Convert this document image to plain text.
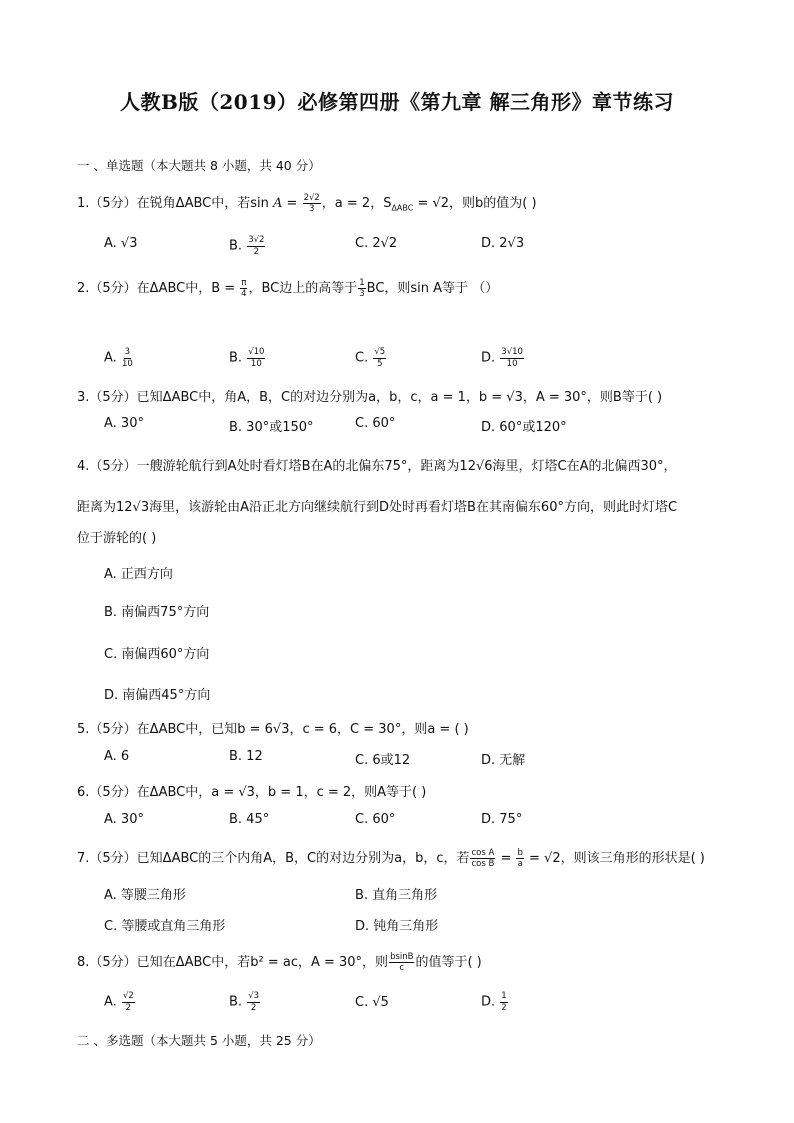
人教B版（2019）必修第四册《第九章 解三角形》章节练习
一 、单选题（本大题共 8 小题，共 40 分）
1.（5分）在锐角ΔABC中，若$\sin A = \frac{2√2}{3}$ ，a = 2，$S_{\Delta ABC} = √2$，则b的值为( )
A. √3	B. $\frac{3√2}{2}$	C. 2√2	D. 2√3
2.（5分）在ΔABC中，$B = \frac{\pi}{4}$ ，BC边上的高等于 $\frac{1}{3}$ BC，则sin A等于 （）
A. $\frac{3}{10}$	B. $\frac{√10}{10}$	C. $\frac{√5}{5}$	D. $\frac{3√10}{10}$
3.（5分）已知ΔABC中，角A，B，C的对边分别为a，b，c，a = 1，b = √3，A = 30°，则B等于( )
A. 30°	B. 30°或150°	C. 60°	D. 60°或120°
4.（5分）一艘游轮航行到A处时看灯塔B在A的北偏东75°，距离为12√6海里，灯塔C在A的北偏西30°，
距离为12√3海里，该游轮由A沿正北方向继续航行到D处时再看灯塔B在其南偏东60°方向，则此时灯塔C
位于游轮的( )
A. 正西方向
B. 南偏西75°方向
C. 南偏西60°方向
D. 南偏西45°方向
5.（5分）在ΔABC中，已知b = 6√3，c = 6，C = 30°，则a = ( )
A. 6	B. 12	C. 6或12	D. 无解
6.（5分）在ΔABC中，a = √3，b = 1，c = 2，则A等于( )
A. 30°	B. 45°	C. 60°	D. 75°
7.（5分）已知ΔABC的三个内角A，B，C的对边分别为a，b，c，若 $\frac{\text{cos A}}{\text{cos B}} = \frac{b}{a} = √2$，则该三角形的形状是( )
A. 等腰三角形	B. 直角三角形
C. 等腰或直角三角形	D. 钝角三角形
8.（5分）已知在ΔABC中，若b² = ac，A = 30°，则 $\frac{bsinB}{c}$ 的值等于( )
A. $\frac{√2}{2}$	B. $\frac{√3}{2}$	C. √5	D. $\frac{1}{2}$
二 、多选题（本大题共 5 小题，共 25 分）
